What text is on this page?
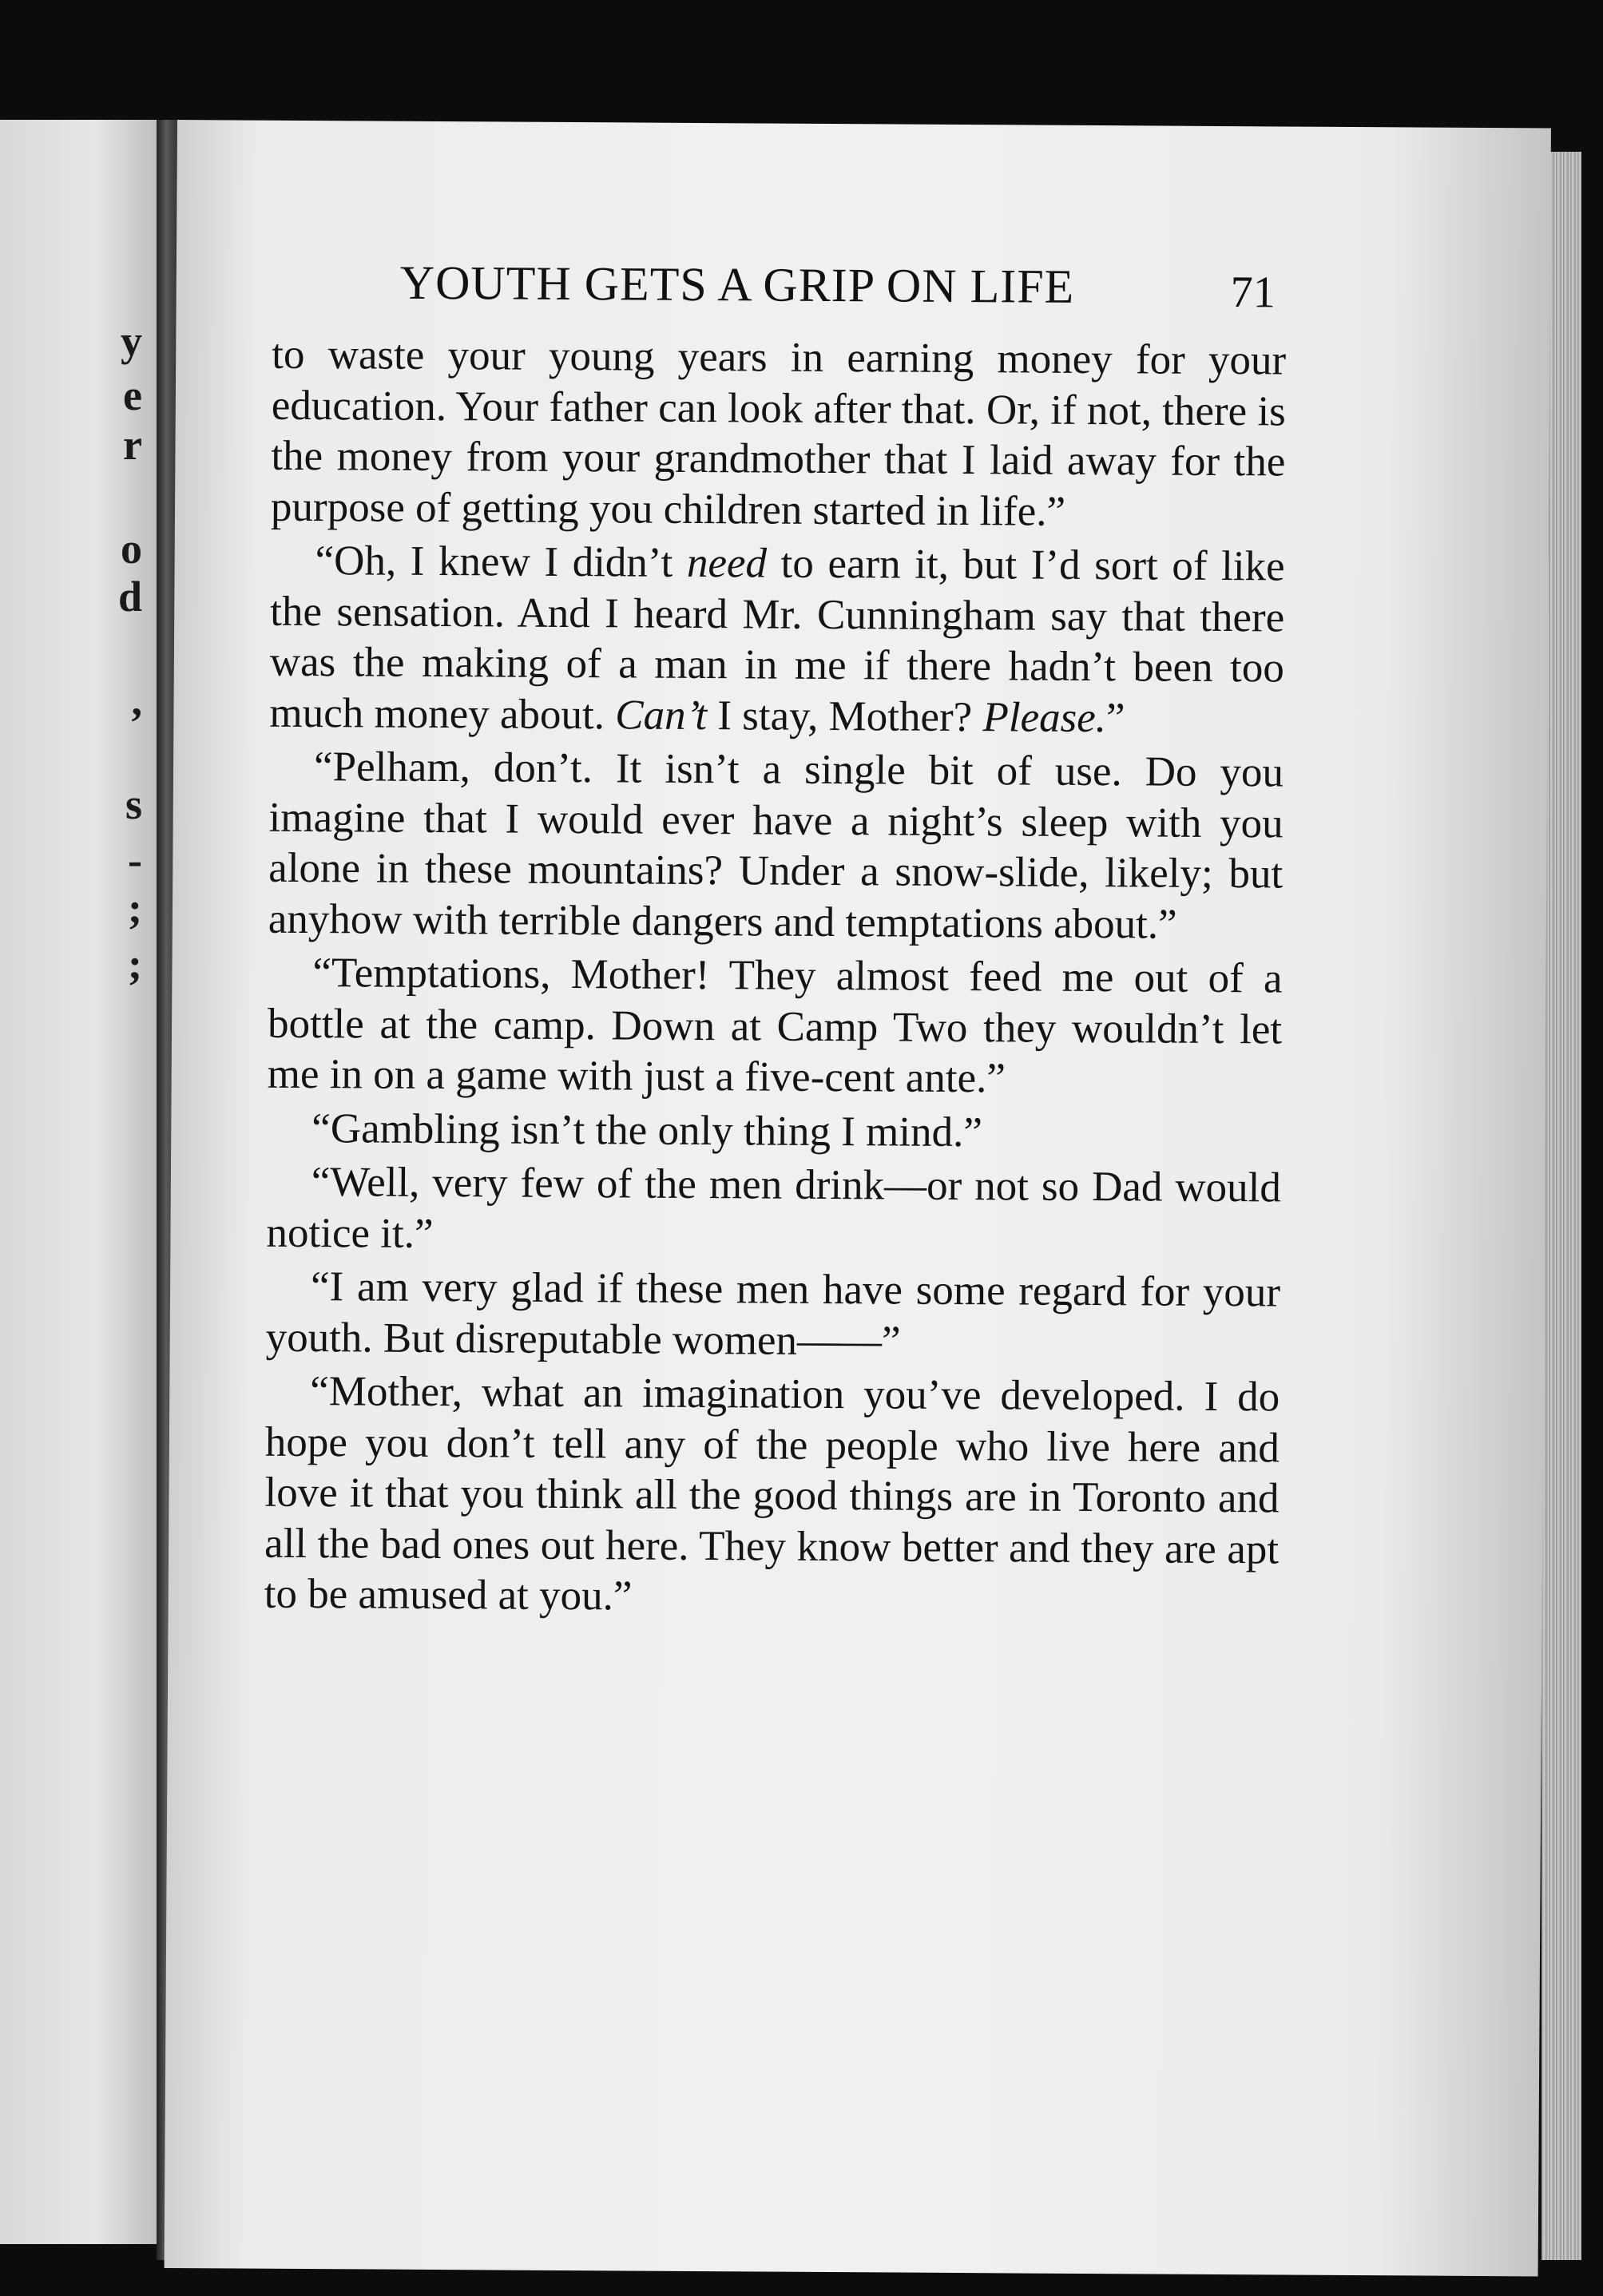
y
e
r
o
d
,
s
-
;
;
YOUTH GETS A GRIP ON LIFE	71

to waste your young years in earning money for your education. Your father can look after that. Or, if not, there is the money from your grandmother that I laid away for the purpose of getting you children started in life.”

“Oh, I knew I didn’t need to earn it, but I’d sort of like the sensation. And I heard Mr. Cunningham say that there was the making of a man in me if there hadn’t been too much money about. Can’t I stay, Mother? Please.”

“Pelham, don’t. It isn’t a single bit of use. Do you imagine that I would ever have a night’s sleep with you alone in these mountains? Under a snow-slide, likely; but anyhow with terrible dangers and temptations about.”

“Temptations, Mother! They almost feed me out of a bottle at the camp. Down at Camp Two they wouldn’t let me in on a game with just a five-cent ante.”

“Gambling isn’t the only thing I mind.”

“Well, very few of the men drink—or not so Dad would notice it.”

“I am very glad if these men have some regard for your youth. But disreputable women——”

“Mother, what an imagination you’ve developed. I do hope you don’t tell any of the people who live here and love it that you think all the good things are in Toronto and all the bad ones out here. They know better and they are apt to be amused at you.”
